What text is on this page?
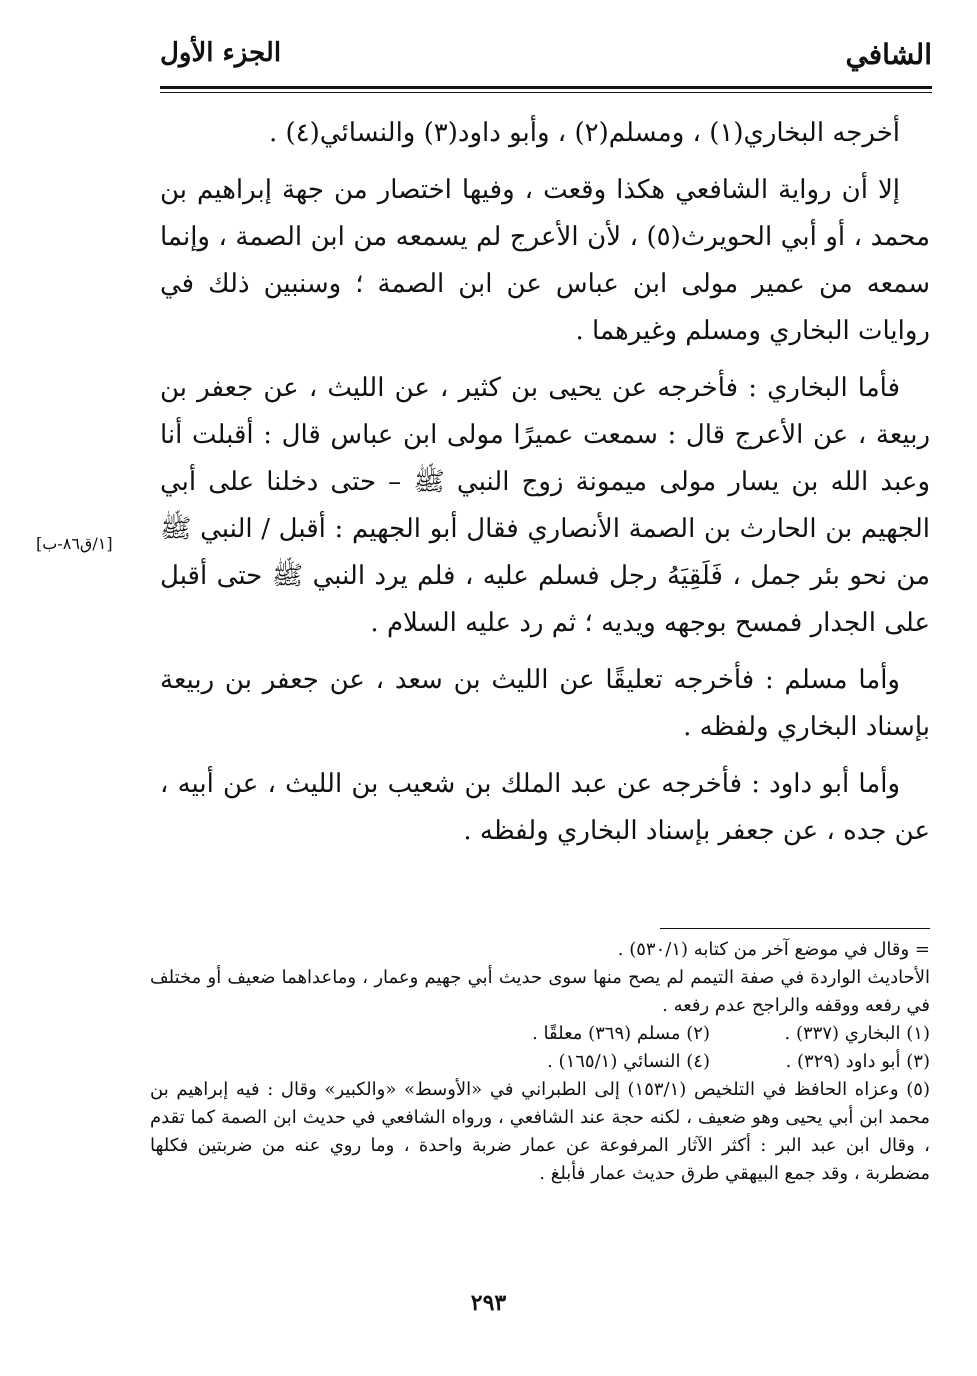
الشافي
الجزء الأول

أخرجه البخاري(١) ، ومسلم(٢) ، وأبو داود(٣) والنسائي(٤) .

إلا أن رواية الشافعي هكذا وقعت ، وفيها اختصار من جهة إبراهيم بن محمد ، أو أبي الحويرث(٥) ، لأن الأعرج لم يسمعه من ابن الصمة ، وإنما سمعه من عمير مولى ابن عباس عن ابن الصمة ؛ وسنبين ذلك في روايات البخاري ومسلم وغيرهما .

فأما البخاري : فأخرجه عن يحيى بن كثير ، عن الليث ، عن جعفر بن ربيعة ، عن الأعرج قال : سمعت عميرًا مولى ابن عباس قال : أقبلت أنا وعبد الله بن يسار مولى ميمونة زوج النبي ﷺ – حتى دخلنا على أبي الجهيم بن الحارث بن الصمة الأنصاري فقال أبو الجهيم : أقبل / النبي ﷺ من نحو بئر جمل ، فَلَقِيَهُ رجل فسلم عليه ، فلم يرد النبي ﷺ حتى أقبل على الجدار فمسح بوجهه ويديه ؛ ثم رد عليه السلام .

وأما مسلم : فأخرجه تعليقًا عن الليث بن سعد ، عن جعفر بن ربيعة بإسناد البخاري ولفظه .

وأما أبو داود : فأخرجه عن عبد الملك بن شعيب بن الليث ، عن أبيه ، عن جده ، عن جعفر بإسناد البخاري ولفظه .

[١/ق٨٦-ب]

= وقال في موضع آخر من كتابه (٥٣٠/١) .

الأحاديث الواردة في صفة التيمم لم يصح منها سوى حديث أبي جهيم وعمار ، وماعداهما ضعيف أو مختلف في رفعه ووقفه والراجح عدم رفعه .

(١) البخاري (٣٣٧) .
(٢) مسلم (٣٦٩) معلقًا .
(٣) أبو داود (٣٢٩) .
(٤) النسائي (١٦٥/١) .

(٥) وعزاه الحافظ في التلخيص (١٥٣/١) إلى الطبراني في «الأوسط» «والكبير» وقال : فيه إبراهيم بن محمد ابن أبي يحيى وهو ضعيف ، لكنه حجة عند الشافعي ، ورواه الشافعي في حديث ابن الصمة كما تقدم ، وقال ابن عبد البر : أكثر الآثار المرفوعة عن عمار ضربة واحدة ، وما روي عنه من ضربتين فكلها مضطربة ، وقد جمع البيهقي طرق حديث عمار فأبلغ .

٢٩٣
